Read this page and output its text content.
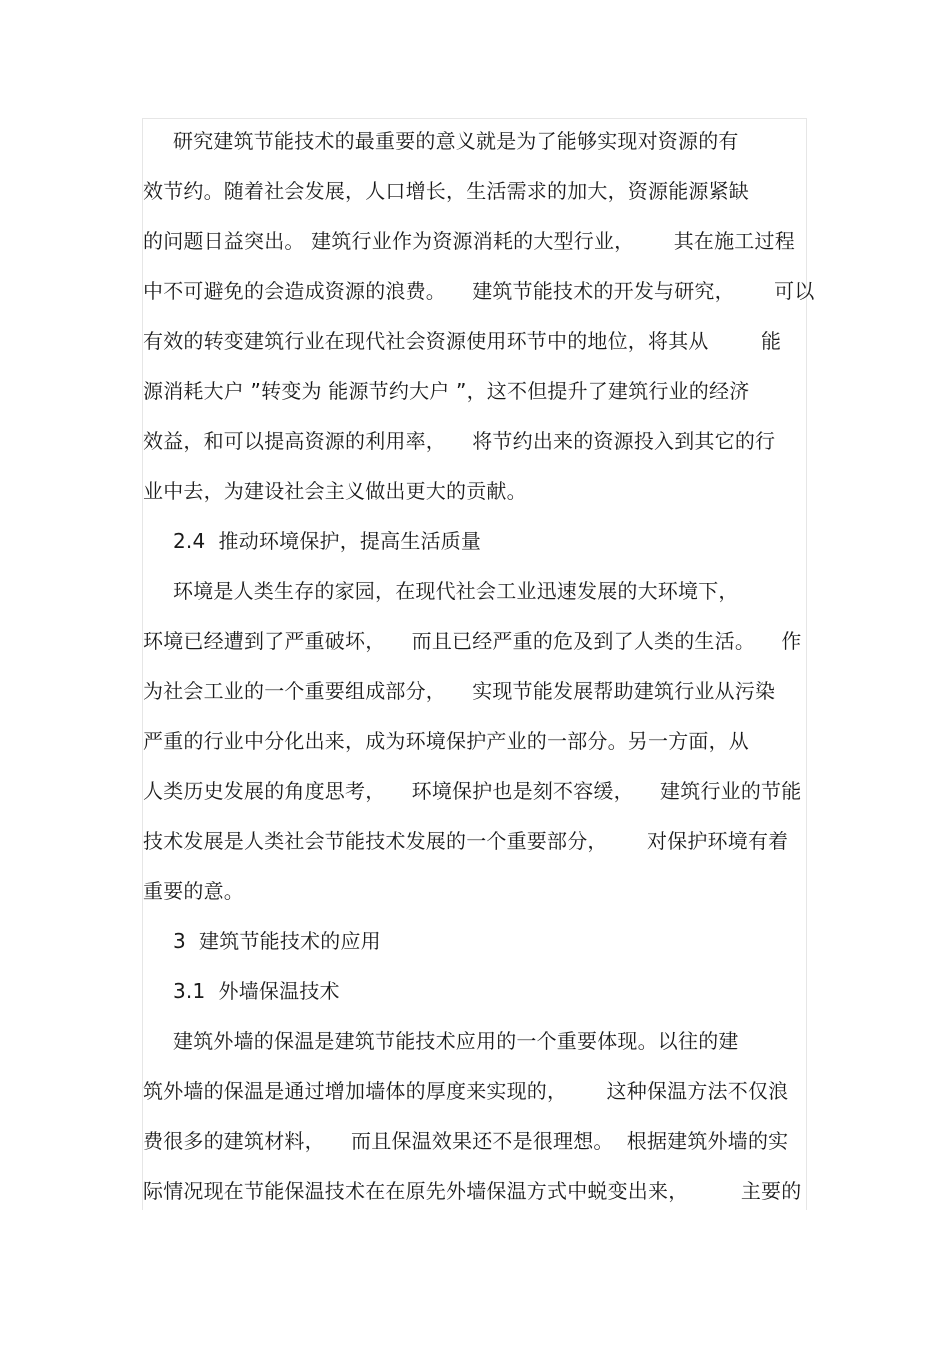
研究建筑节能技术的最重要的意义就是为了能够实现对资源的有
效节约。随着社会发展，人口增长，生活需求的加大，资源能源紧缺
的问题日益突出。 建筑行业作为资源消耗的大型行业，      其在施工过程
中不可避免的会造成资源的浪费。    建筑节能技术的开发与研究，      可以
有效的转变建筑行业在现代社会资源使用环节中的地位，将其从        能
源消耗大户 ”转变为 能源节约大户 ”，这不但提升了建筑行业的经济
效益，和可以提高资源的利用率，    将节约出来的资源投入到其它的行
业中去，为建设社会主义做出更大的贡献。
2.4  推动环境保护，提高生活质量
环境是人类生存的家园，在现代社会工业迅速发展的大环境下，
环境已经遭到了严重破坏，    而且已经严重的危及到了人类的生活。    作
为社会工业的一个重要组成部分，    实现节能发展帮助建筑行业从污染
严重的行业中分化出来，成为环境保护产业的一部分。另一方面，从
人类历史发展的角度思考，    环境保护也是刻不容缓，    建筑行业的节能
技术发展是人类社会节能技术发展的一个重要部分，      对保护环境有着
重要的意。
3  建筑节能技术的应用
3.1  外墙保温技术
建筑外墙的保温是建筑节能技术应用的一个重要体现。以往的建
筑外墙的保温是通过增加墙体的厚度来实现的，      这种保温方法不仅浪
费很多的建筑材料，    而且保温效果还不是很理想。  根据建筑外墙的实
际情况现在节能保温技术在在原先外墙保温方式中蜕变出来，        主要的
